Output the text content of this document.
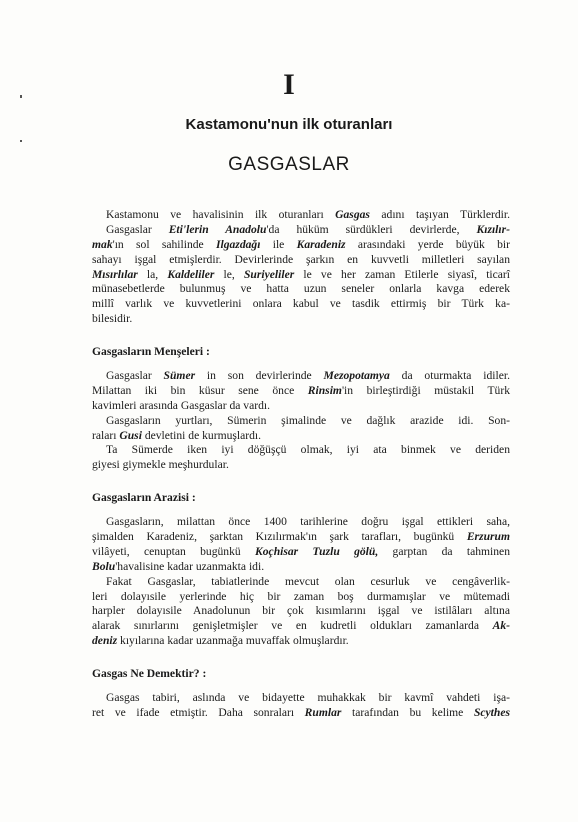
I
Kastamonu'nun ilk oturanları
GASGASLAR
Kastamonu ve havalisinin ilk oturanları Gasgas adını taşıyan Türklerdir.
Gasgaslar Eti'lerin Anadolu'da hüküm sürdükleri devirlerde, Kızılır-
mak'ın sol sahilinde Ilgazdağı ile Karadeniz arasındaki yerde büyük bir
sahayı işgal etmişlerdir. Devirlerinde şarkın en kuvvetli milletleri sayılan
Mısırlılar la, Kaldeliler le, Suriyeliler le ve her zaman Etilerle siyasî, ticarî
münasebetlerde bulunmuş ve hatta uzun seneler onlarla kavga ederek
millî varlık ve kuvvetlerini onlara kabul ve tasdik ettirmiş bir Türk ka-
bilesidir.
Gasgasların Menşeleri :
Gasgaslar Sümer in son devirlerinde Mezopotamya da oturmakta idiler.
Milattan iki bin küsur sene önce Rinsim'in birleştirdiği müstakil Türk
kavimleri arasında Gasgaslar da vardı.
Gasgasların yurtları, Sümerin şimalinde ve dağlık arazide idi. Son-
raları Gusi devletini de kurmuşlardı.
Ta Sümerde iken iyi döğüşçü olmak, iyi ata binmek ve deriden
giyesi giymekle meşhurdular.
Gasgasların Arazisi :
Gasgasların, milattan önce 1400 tarihlerine doğru işgal ettikleri saha,
şimalden Karadeniz, şarktan Kızılırmak'ın şark tarafları, bugünkü Erzurum
vilâyeti, cenuptan bugünkü Koçhisar Tuzlu gölü, garptan da tahminen
Bolu'havalisine kadar uzanmakta idi.
Fakat Gasgaslar, tabiatlerinde mevcut olan cesurluk ve cengâverlik-
leri dolayısile yerlerinde hiç bir zaman boş durmamışlar ve mütemadi
harpler dolayısile Anadolunun bir çok kısımlarını işgal ve istilâları altına
alarak sınırlarını genişletmişler ve en kudretli oldukları zamanlarda Ak-
deniz kıyılarına kadar uzanmağa muvaffak olmuşlardır.
Gasgas Ne Demektir? :
Gasgas tabiri, aslında ve bidayette muhakkak bir kavmî vahdeti işa-
ret ve ifade etmiştir. Daha sonraları Rumlar tarafından bu kelime Scythes
